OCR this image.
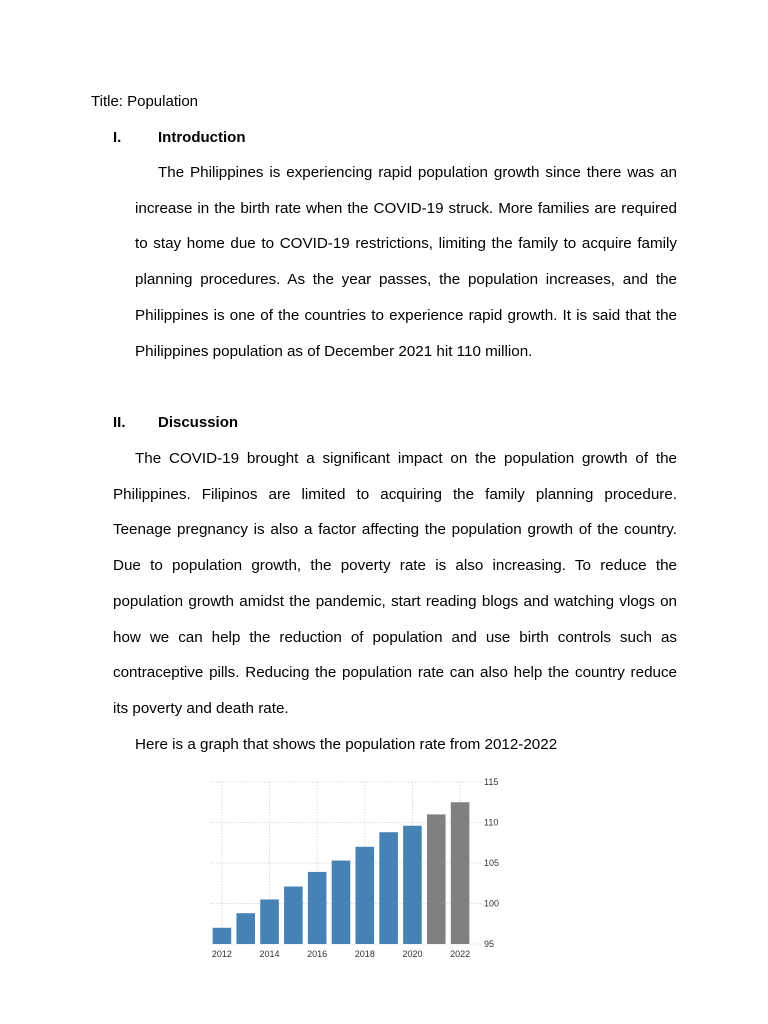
Title: Population
I. Introduction

The Philippines is experiencing rapid population growth since there was an increase in the birth rate when the COVID-19 struck. More families are required to stay home due to COVID-19 restrictions, limiting the family to acquire family planning procedures. As the year passes, the population increases, and the Philippines is one of the countries to experience rapid growth. It is said that the Philippines population as of December 2021 hit 110 million.

II. Discussion

The COVID-19 brought a significant impact on the population growth of the Philippines. Filipinos are limited to acquiring the family planning procedure. Teenage pregnancy is also a factor affecting the population growth of the country. Due to population growth, the poverty rate is also increasing. To reduce the population growth amidst the pandemic, start reading blogs and watching vlogs on how we can help the reduction of population and use birth controls such as contraceptive pills. Reducing the population rate can also help the country reduce its poverty and death rate.

Here is a graph that shows the population rate from 2012-2022
95
100
105
110
115
2012	2014	2016	2018	2020	2022
